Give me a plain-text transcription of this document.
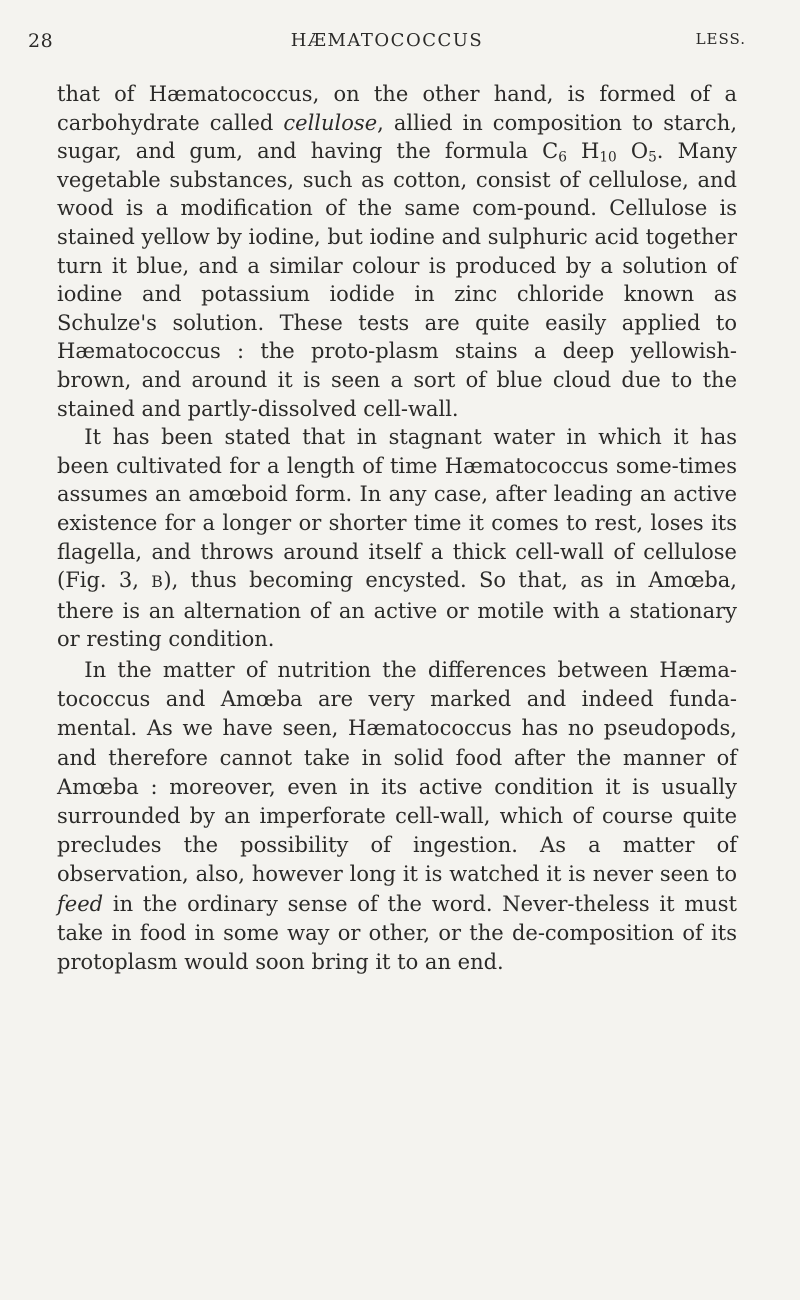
28	HÆMATOCOCCUS	LESS.

that of Hæmatococcus, on the other hand, is formed of a carbohydrate called cellulose, allied in composition to starch, sugar, and gum, and having the formula $C_6$ $H_{10}$ $O_5$. Many vegetable substances, such as cotton, consist of cellulose, and wood is a modification of the same com-pound. Cellulose is stained yellow by iodine, but iodine and sulphuric acid together turn it blue, and a similar colour is produced by a solution of iodine and potassium iodide in zinc chloride known as Schulze's solution. These tests are quite easily applied to Hæmatococcus : the proto-plasm stains a deep yellowish-brown, and around it is seen a sort of blue cloud due to the stained and partly-dissolved cell-wall.

It has been stated that in stagnant water in which it has been cultivated for a length of time Hæmatococcus some-times assumes an amœboid form. In any case, after leading an active existence for a longer or shorter time it comes to rest, loses its flagella, and throws around itself a thick cell-wall of cellulose (Fig. 3, B), thus becoming encysted. So that, as in Amœba, there is an alternation of an active or motile with a stationary or resting condition.

In the matter of nutrition the differences between Hæma-tococcus and Amœba are very marked and indeed funda-mental. As we have seen, Hæmatococcus has no pseudopods, and therefore cannot take in solid food after the manner of Amœba : moreover, even in its active condition it is usually surrounded by an imperforate cell-wall, which of course quite precludes the possibility of ingestion. As a matter of observation, also, however long it is watched it is never seen to feed in the ordinary sense of the word. Never-theless it must take in food in some way or other, or the de-composition of its protoplasm would soon bring it to an end.
